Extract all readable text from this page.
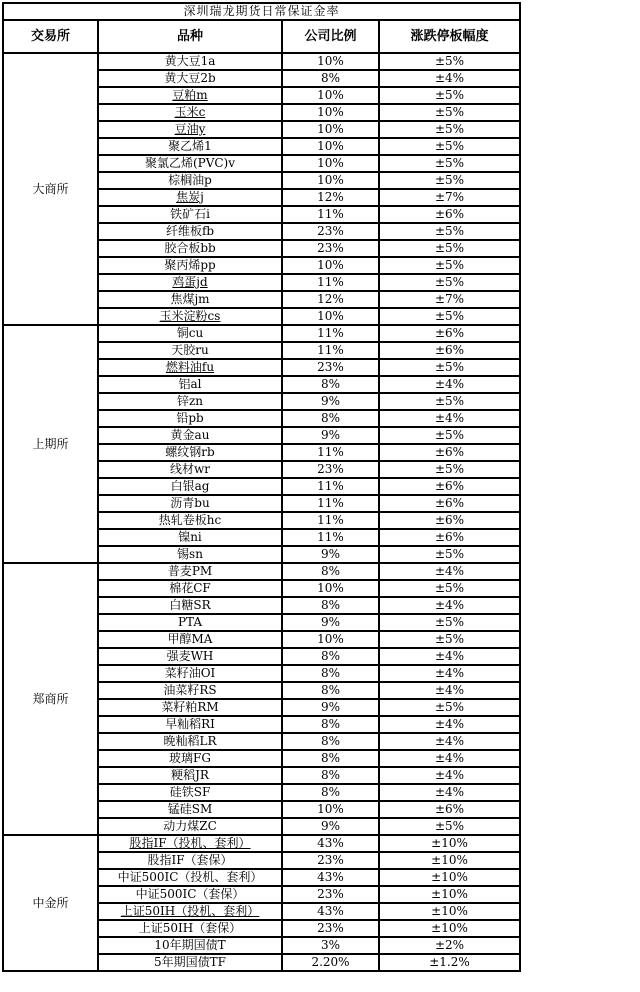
深圳瑞龙期货日常保证金率			
交易所	品种	公司比例	涨跌停板幅度
大商所	黄大豆1a	10%	±5%
	黄大豆2b	8%	±4%
	豆粕m	10%	±5%
	玉米c	10%	±5%
	豆油y	10%	±5%
	聚乙烯1	10%	±5%
	聚氯乙烯(PVC)v	10%	±5%
	棕榈油p	10%	±5%
	焦炭j	12%	±7%
	铁矿石i	11%	±6%
	纤维板fb	23%	±5%
	胶合板bb	23%	±5%
	聚丙烯pp	10%	±5%
	鸡蛋jd	11%	±5%
	焦煤jm	12%	±7%
	玉米淀粉cs	10%	±5%
上期所	铜cu	11%	±6%
	天胶ru	11%	±6%
	燃料油fu	23%	±5%
	铝al	8%	±4%
	锌zn	9%	±5%
	铅pb	8%	±4%
	黄金au	9%	±5%
	螺纹钢rb	11%	±6%
	线材wr	23%	±5%
	白银ag	11%	±6%
	沥青bu	11%	±6%
	热轧卷板hc	11%	±6%
	镍ni	11%	±6%
	锡sn	9%	±5%
郑商所	普麦PM	8%	±4%
	棉花CF	10%	±5%
	白糖SR	8%	±4%
	PTA	9%	±5%
	甲醇MA	10%	±5%
	强麦WH	8%	±4%
	菜籽油OI	8%	±4%
	油菜籽RS	8%	±4%
	菜籽粕RM	9%	±5%
	早籼稻RI	8%	±4%
	晚籼稻LR	8%	±4%
	玻璃FG	8%	±4%
	粳稻JR	8%	±4%
	硅铁SF	8%	±4%
	锰硅SM	10%	±6%
	动力煤ZC	9%	±5%
中金所	股指IF（投机、套利）	43%	±10%
	股指IF（套保）	23%	±10%
	中证500IC（投机、套利）	43%	±10%
	中证500IC（套保）	23%	±10%
	上证50IH（投机、套利）	43%	±10%
	上证50IH（套保）	23%	±10%
	10年期国债T	3%	±2%
	5年期国债TF	2.20%	±1.2%
